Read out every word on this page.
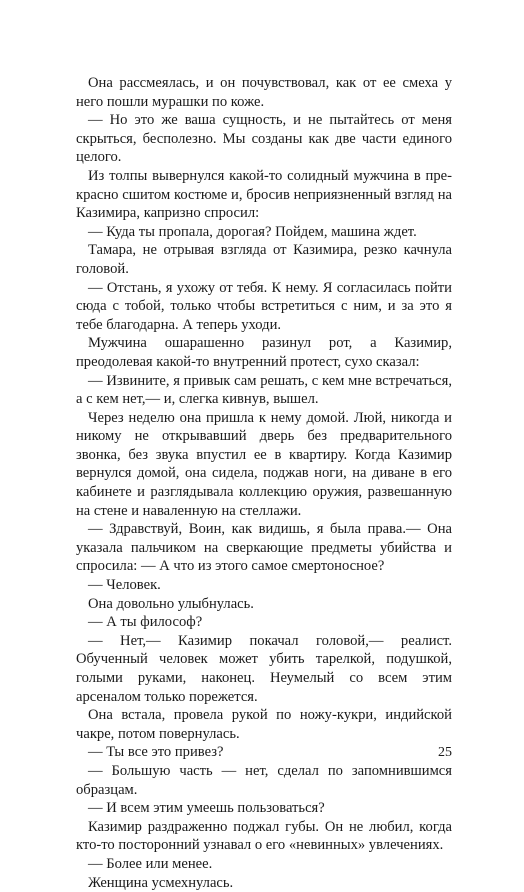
Она рассмеялась, и он почувствовал, как от ее смеха у него пошли мурашки по коже.

— Но это же ваша сущность, и не пытайтесь от меня скрыться, бесполезно. Мы созданы как две части единого целого.

Из толпы вывернулся какой-то солидный мужчина в прекрасно сшитом костюме и, бросив неприязненный взгляд на Казимира, капризно спросил:

— Куда ты пропала, дорогая? Пойдем, машина ждет.

Тамара, не отрывая взгляда от Казимира, резко качнула головой.

— Отстань, я ухожу от тебя. К нему. Я согласилась пойти сюда с тобой, только чтобы встретиться с ним, и за это я тебе благодарна. А теперь уходи.

Мужчина ошарашенно разинул рот, а Казимир, преодолевая какой-то внутренний протест, сухо сказал:

— Извините, я привык сам решать, с кем мне встречаться, а с кем нет,— и, слегка кивнув, вышел.

Через неделю она пришла к нему домой. Люй, никогда и никому не открывавший дверь без предварительного звонка, без звука впустил ее в квартиру. Когда Казимир вернулся домой, она сидела, поджав ноги, на диване в его кабинете и разглядывала коллекцию оружия, развешанную на стене и наваленную на стеллажи.

— Здравствуй, Воин, как видишь, я была права.— Она указала пальчиком на сверкающие предметы убийства и спросила: — А что из этого самое смертоносное?

— Человек.

Она довольно улыбнулась.

— А ты философ?

— Нет,— Казимир покачал головой,— реалист. Обученный человек может убить тарелкой, подушкой, голыми руками, наконец. Неумелый со всем этим арсеналом только порежется.

Она встала, провела рукой по ножу-кукри, индийской чакре, потом повернулась.

— Ты все это привез?

— Большую часть — нет, сделал по запомнившимся образцам.

— И всем этим умеешь пользоваться?

Казимир раздраженно поджал губы. Он не любил, когда кто-то посторонний узнавал о его «невинных» увлечениях.

— Более или менее.

Женщина усмехнулась.

25
